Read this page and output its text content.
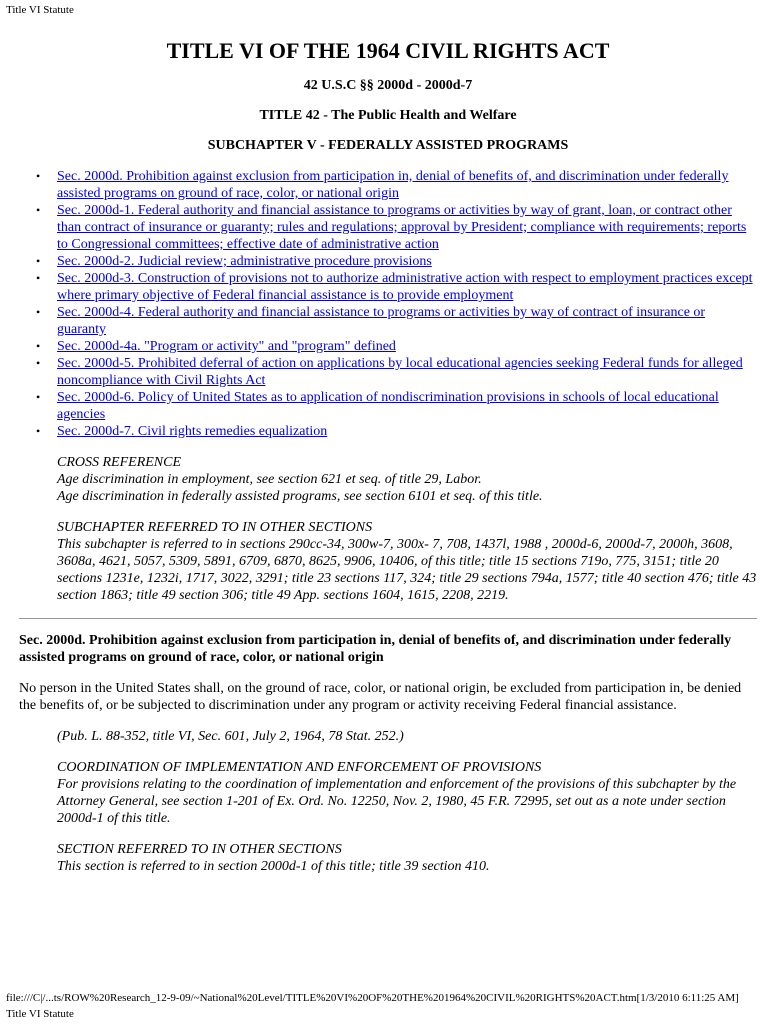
Title VI Statute
TITLE VI OF THE 1964 CIVIL RIGHTS ACT
42 U.S.C §§ 2000d - 2000d-7
TITLE 42 - The Public Health and Welfare
SUBCHAPTER V - FEDERALLY ASSISTED PROGRAMS
• Sec. 2000d. Prohibition against exclusion from participation in, denial of benefits of, and discrimination under federally assisted programs on ground of race, color, or national origin
• Sec. 2000d-1. Federal authority and financial assistance to programs or activities by way of grant, loan, or contract other than contract of insurance or guaranty; rules and regulations; approval by President; compliance with requirements; reports to Congressional committees; effective date of administrative action
• Sec. 2000d-2. Judicial review; administrative procedure provisions
• Sec. 2000d-3. Construction of provisions not to authorize administrative action with respect to employment practices except where primary objective of Federal financial assistance is to provide employment
• Sec. 2000d-4. Federal authority and financial assistance to programs or activities by way of contract of insurance or guaranty
• Sec. 2000d-4a. "Program or activity" and "program" defined
• Sec. 2000d-5. Prohibited deferral of action on applications by local educational agencies seeking Federal funds for alleged noncompliance with Civil Rights Act
• Sec. 2000d-6. Policy of United States as to application of nondiscrimination provisions in schools of local educational agencies
• Sec. 2000d-7. Civil rights remedies equalization
CROSS REFERENCE
Age discrimination in employment, see section 621 et seq. of title 29, Labor.
Age discrimination in federally assisted programs, see section 6101 et seq. of this title.
SUBCHAPTER REFERRED TO IN OTHER SECTIONS
This subchapter is referred to in sections 290cc-34, 300w-7, 300x- 7, 708, 1437l, 1988 , 2000d-6, 2000d-7, 2000h, 3608, 3608a, 4621, 5057, 5309, 5891, 6709, 6870, 8625, 9906, 10406, of this title; title 15 sections 719o, 775, 3151; title 20 sections 1231e, 1232i, 1717, 3022, 3291; title 23 sections 117, 324; title 29 sections 794a, 1577; title 40 section 476; title 43 section 1863; title 49 section 306; title 49 App. sections 1604, 1615, 2208, 2219.
Sec. 2000d. Prohibition against exclusion from participation in, denial of benefits of, and discrimination under federally assisted programs on ground of race, color, or national origin
No person in the United States shall, on the ground of race, color, or national origin, be excluded from participation in, be denied the benefits of, or be subjected to discrimination under any program or activity receiving Federal financial assistance.
(Pub. L. 88-352, title VI, Sec. 601, July 2, 1964, 78 Stat. 252.)
COORDINATION OF IMPLEMENTATION AND ENFORCEMENT OF PROVISIONS
For provisions relating to the coordination of implementation and enforcement of the provisions of this subchapter by the Attorney General, see section 1-201 of Ex. Ord. No. 12250, Nov. 2, 1980, 45 F.R. 72995, set out as a note under section 2000d-1 of this title.
SECTION REFERRED TO IN OTHER SECTIONS
This section is referred to in section 2000d-1 of this title; title 39 section 410.
file:///C|/...ts/ROW%20Research_12-9-09/~National%20Level/TITLE%20VI%20OF%20THE%201964%20CIVIL%20RIGHTS%20ACT.htm[1/3/2010 6:11:25 AM]
Title VI Statute
